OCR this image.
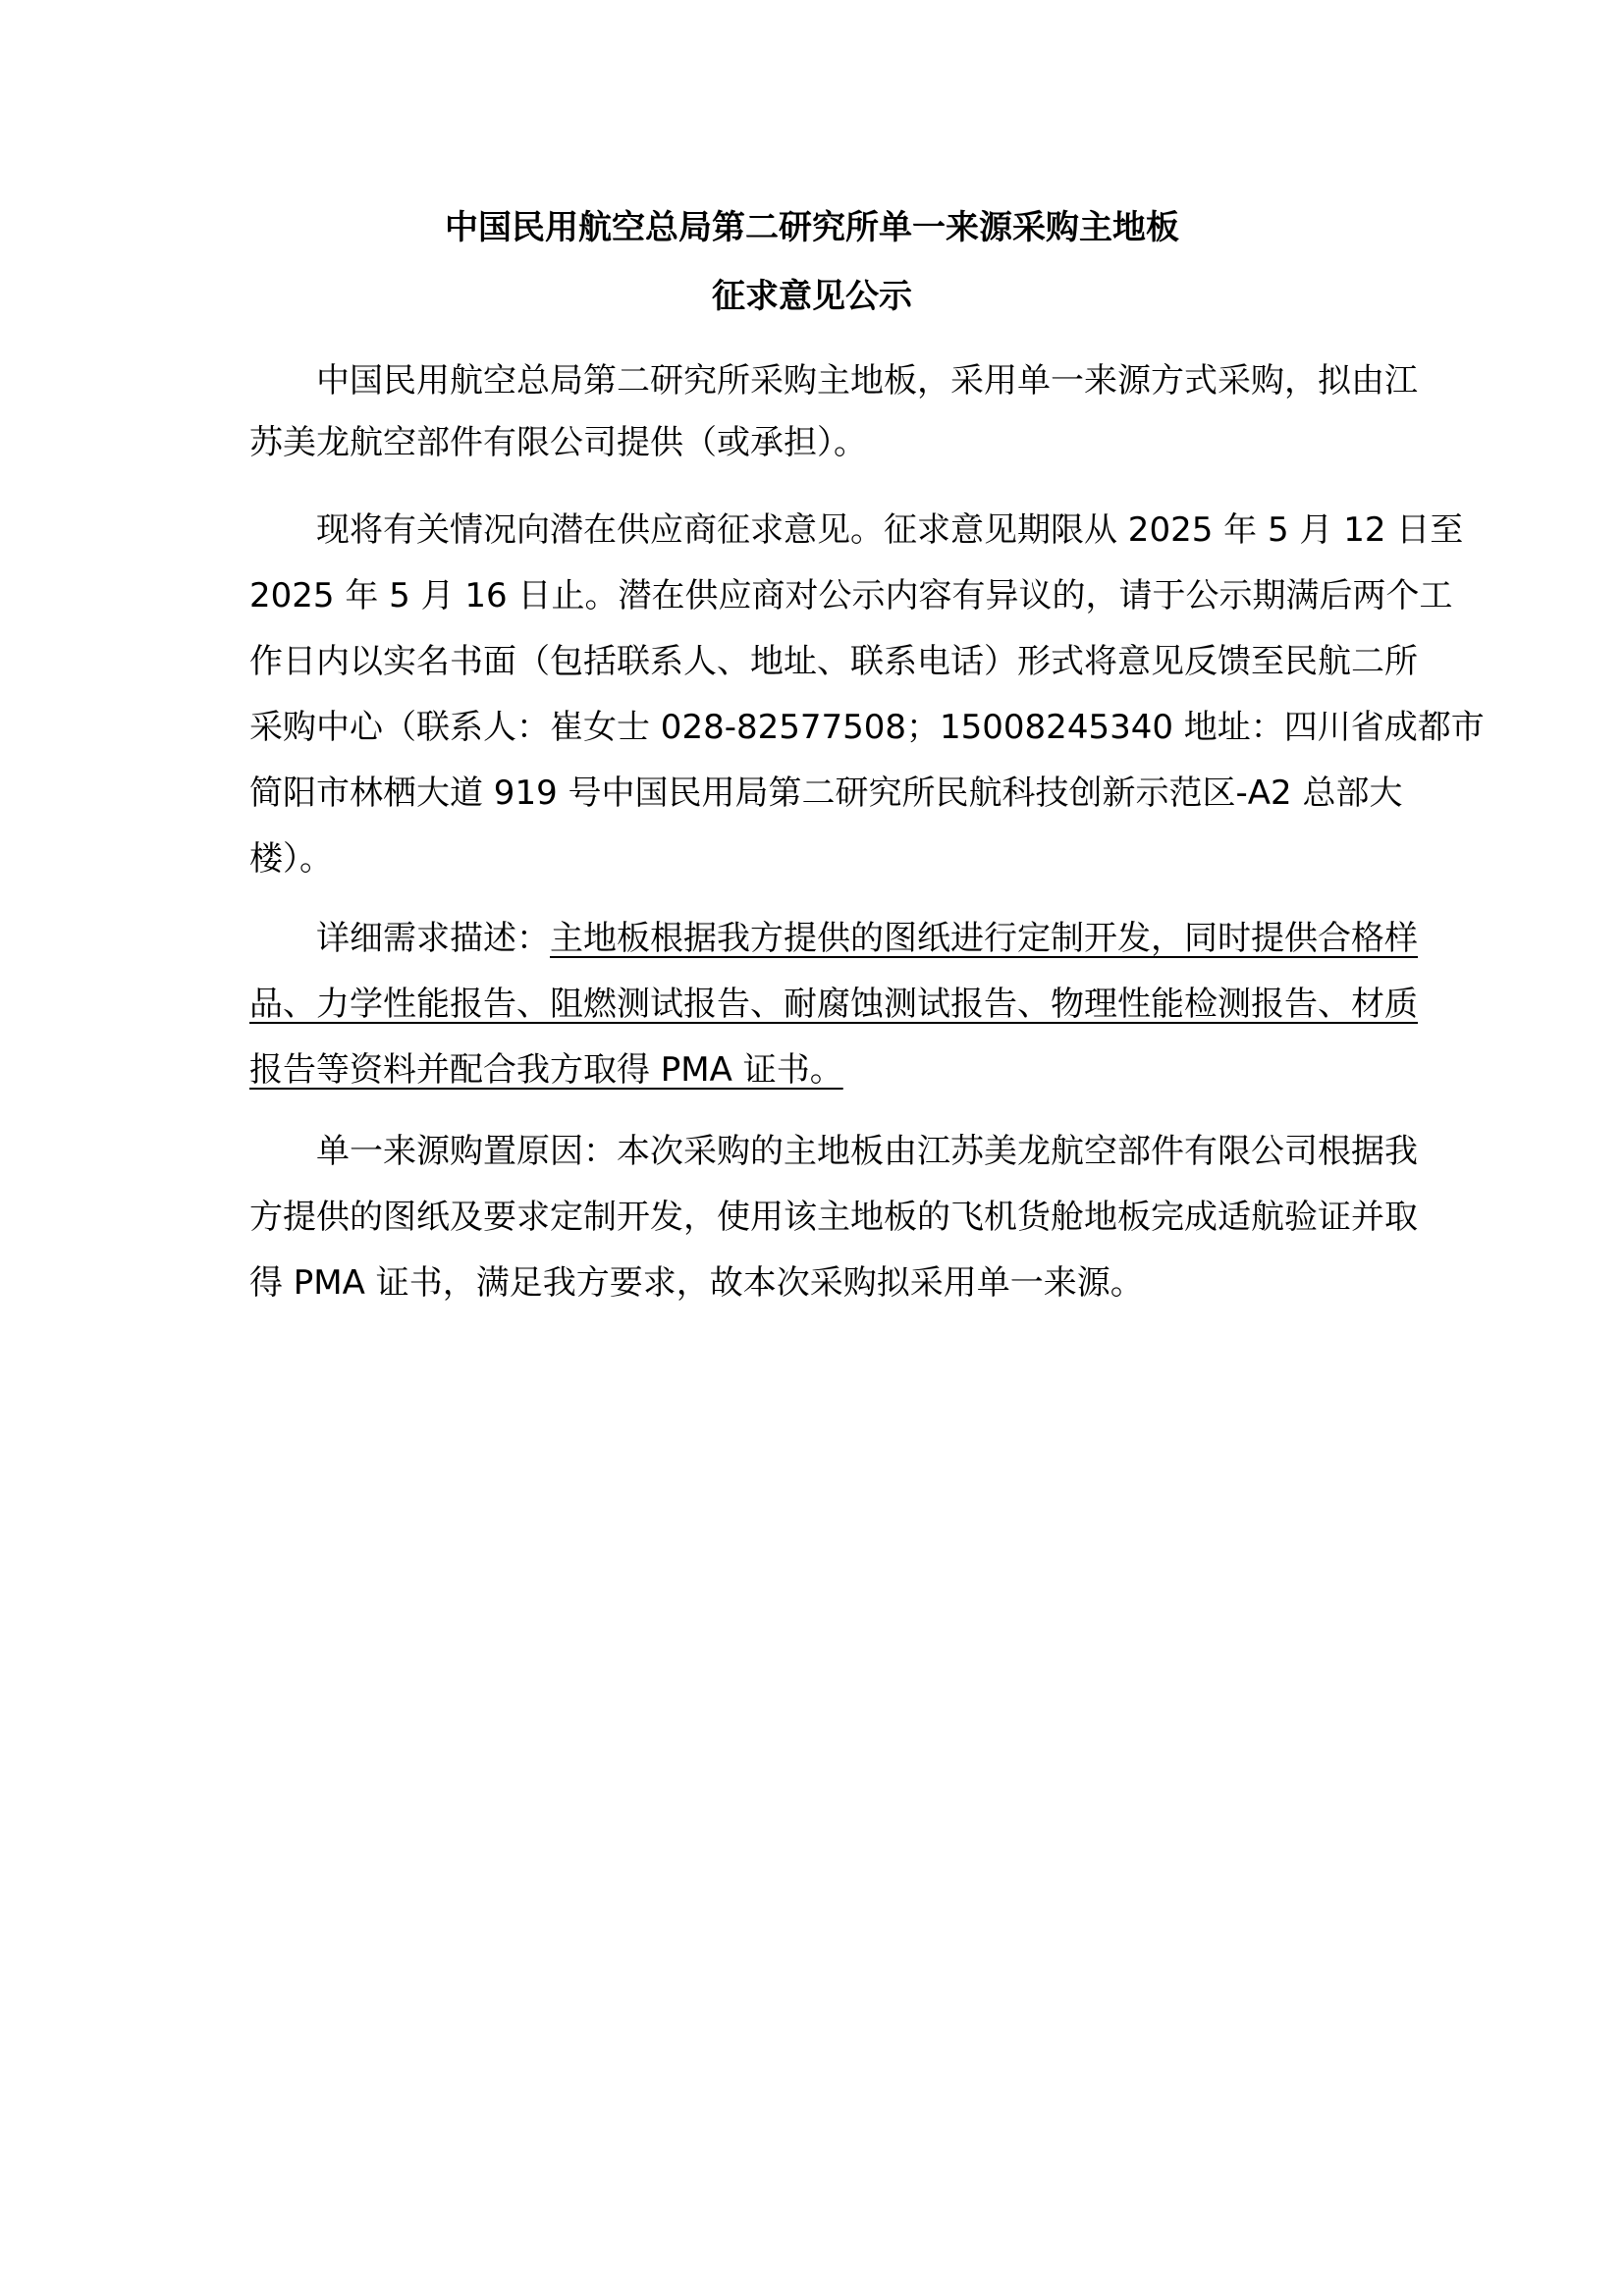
中国民用航空总局第二研究所单一来源采购主地板
征求意见公示
中国民用航空总局第二研究所采购主地板，采用单一来源方式采购，拟由江
苏美龙航空部件有限公司提供（或承担）。
现将有关情况向潜在供应商征求意见。征求意见期限从 2025 年 5 月 12 日至
2025 年 5 月 16 日止。潜在供应商对公示内容有异议的，请于公示期满后两个工
作日内以实名书面（包括联系人、地址、联系电话）形式将意见反馈至民航二所
采购中心（联系人：崔女士 028-82577508；15008245340 地址：四川省成都市
简阳市林栖大道 919 号中国民用局第二研究所民航科技创新示范区-A2 总部大
楼）。
详细需求描述：主地板根据我方提供的图纸进行定制开发，同时提供合格样
品、力学性能报告、阻燃测试报告、耐腐蚀测试报告、物理性能检测报告、材质
报告等资料并配合我方取得 PMA 证书。
单一来源购置原因：本次采购的主地板由江苏美龙航空部件有限公司根据我
方提供的图纸及要求定制开发，使用该主地板的飞机货舱地板完成适航验证并取
得 PMA 证书，满足我方要求，故本次采购拟采用单一来源。
